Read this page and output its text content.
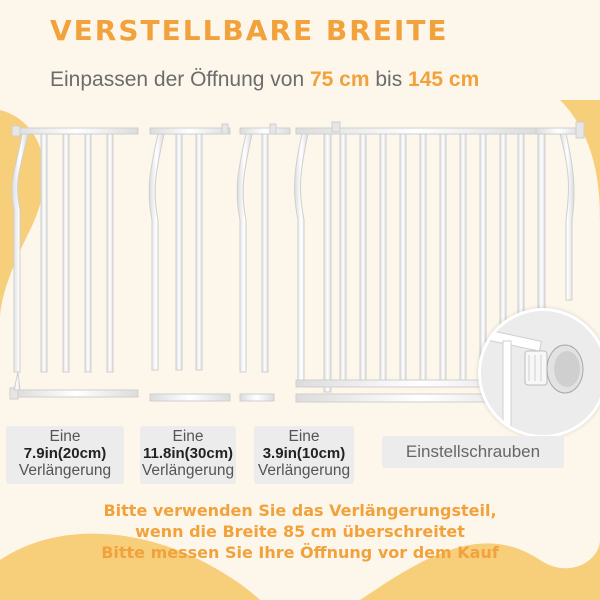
VERSTELLBARE BREITE
Einpassen der Öffnung von 75 cm bis 145 cm
Eine
7.9in(20cm)
Verlängerung
Eine
11.8in(30cm)
Verlängerung
Eine
3.9in(10cm)
Verlängerung
Einstellschrauben
Bitte verwenden Sie das Verlängerungsteil,
wenn die Breite 85 cm überschreitet
Bitte messen Sie Ihre Öffnung vor dem Kauf
